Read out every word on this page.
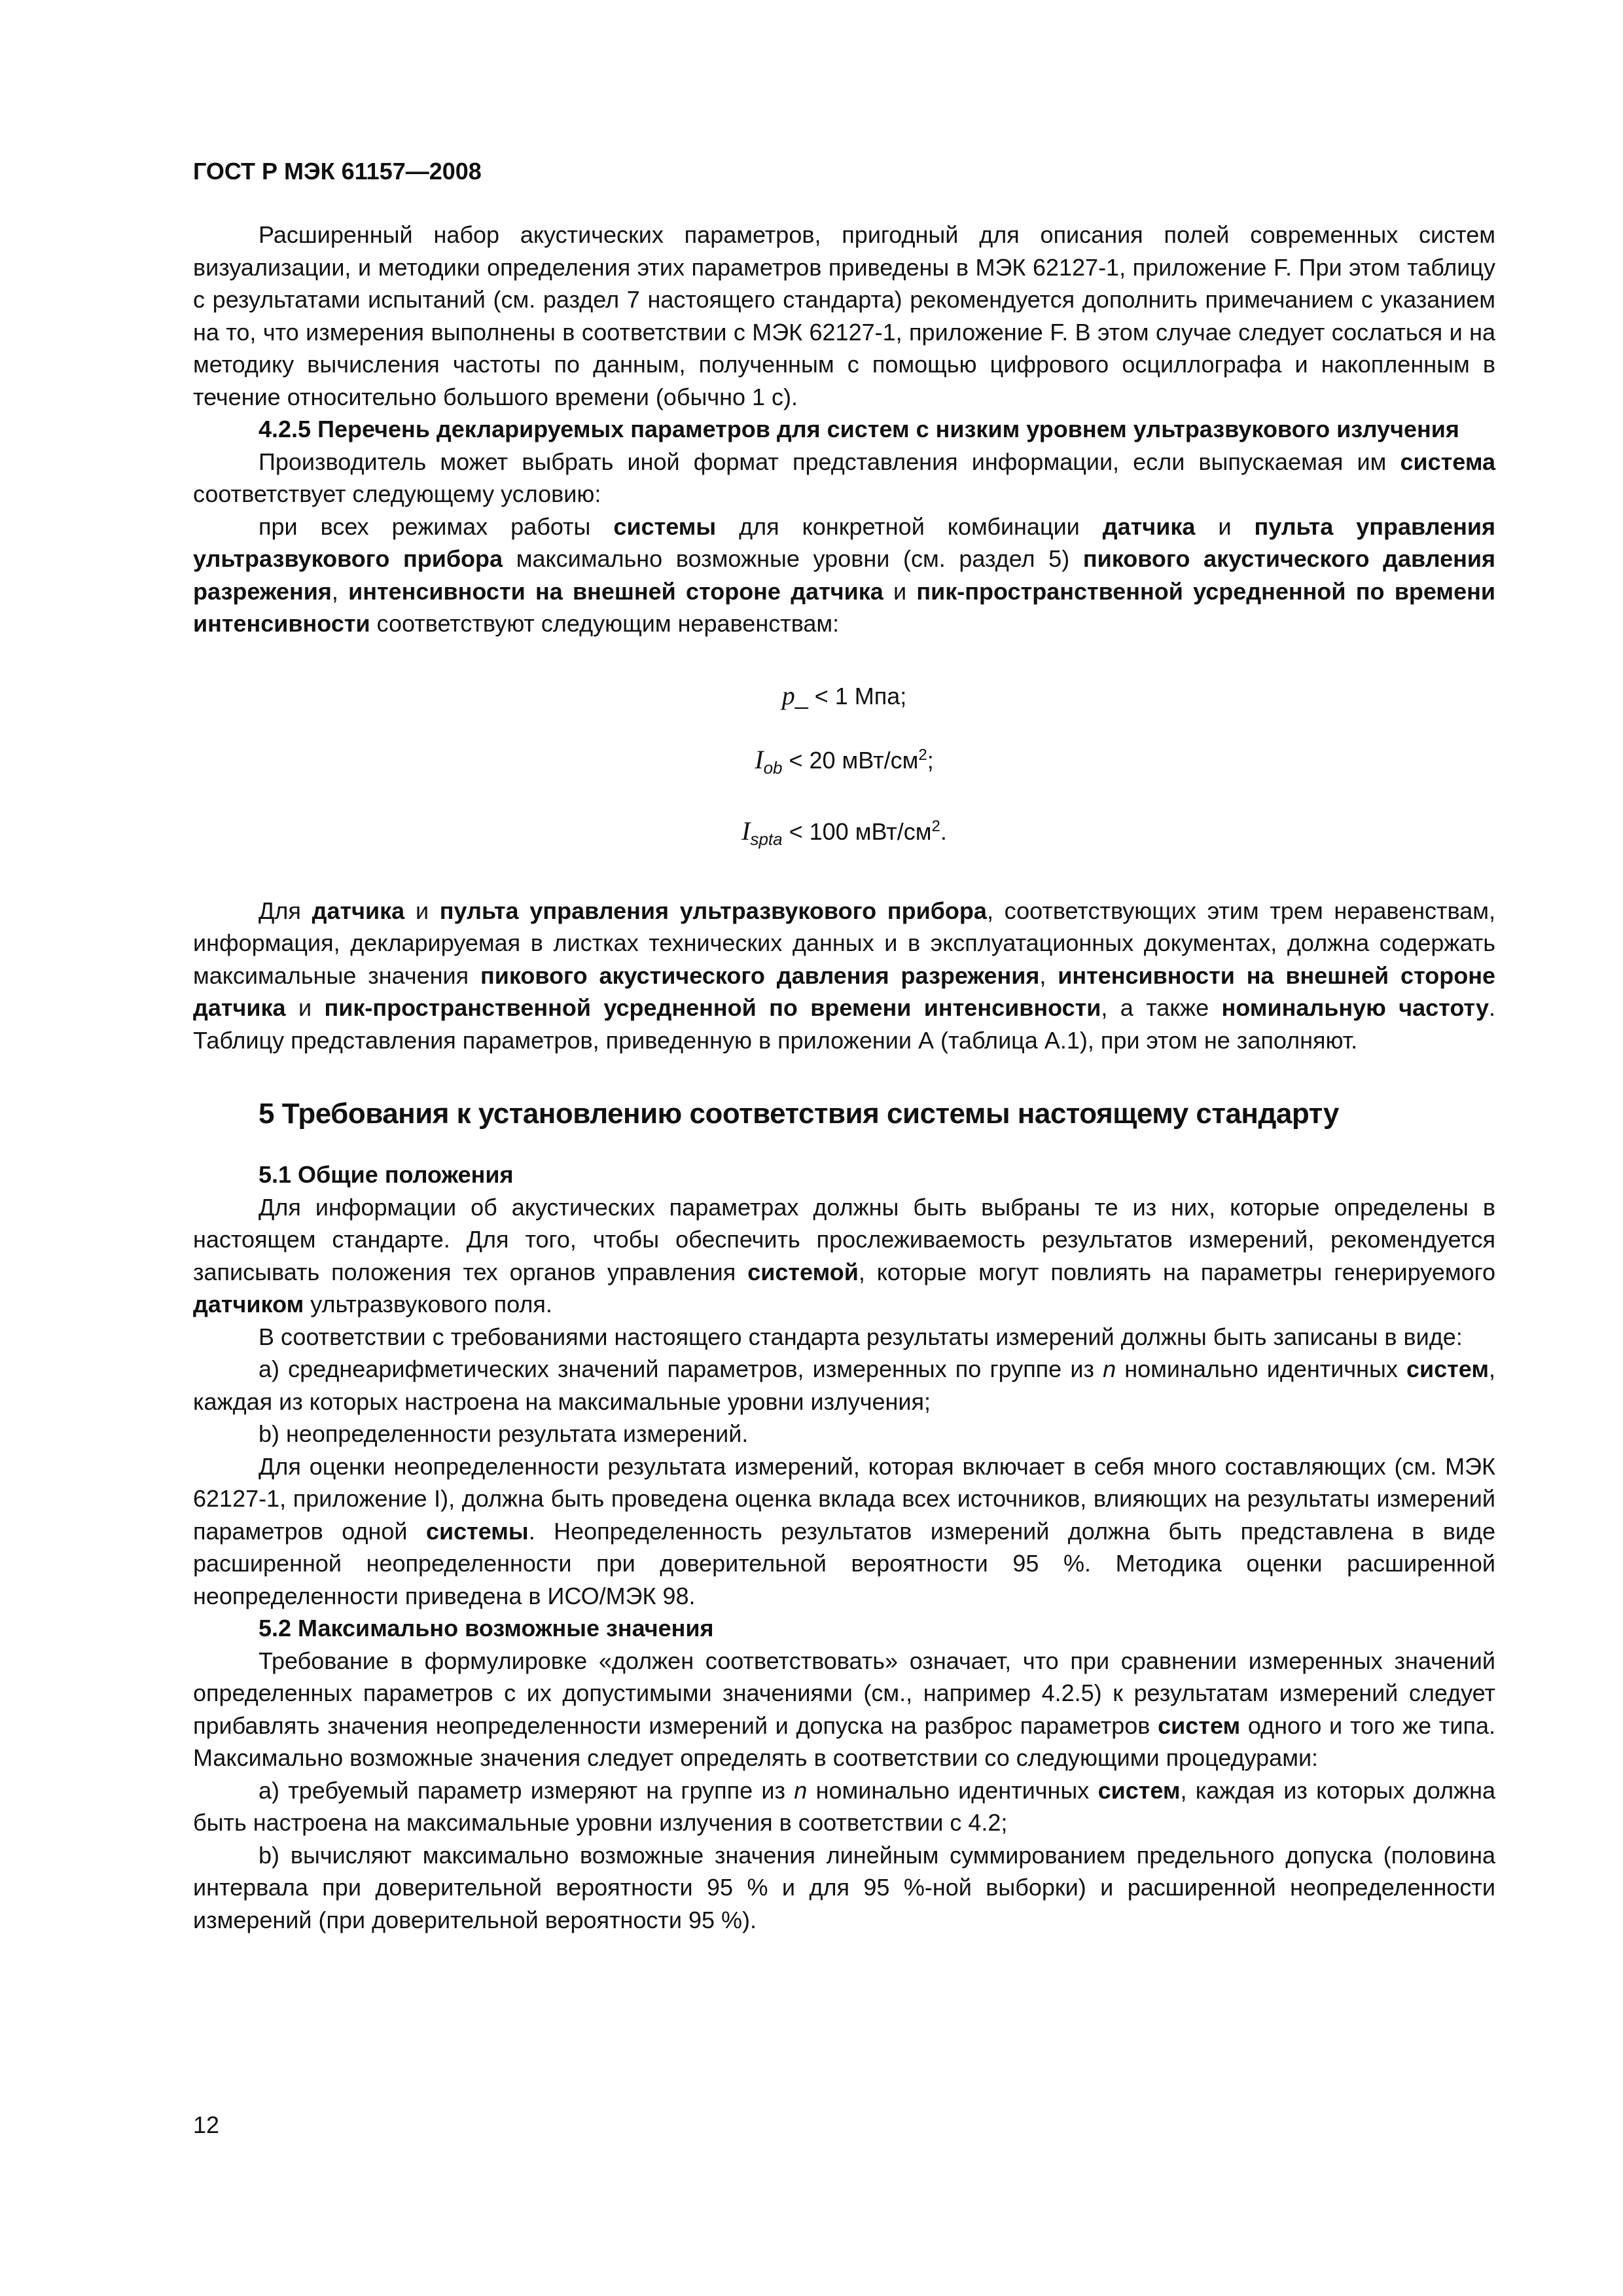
ГОСТ Р МЭК 61157—2008

Расширенный набор акустических параметров, пригодный для описания полей современных систем визуализации, и методики определения этих параметров приведены в МЭК 62127-1, приложение F. При этом таблицу с результатами испытаний (см. раздел 7 настоящего стандарта) рекомендуется дополнить примечанием с указанием на то, что измерения выполнены в соответствии с МЭК 62127-1, приложение F. В этом случае следует сослаться и на методику вычисления частоты по данным, полученным с помощью цифрового осциллографа и накопленным в течение относительно большого времени (обычно 1 с).

4.2.5 Перечень декларируемых параметров для систем с низким уровнем ультразвукового излучения

Производитель может выбрать иной формат представления информации, если выпускаемая им система соответствует следующему условию:

при всех режимах работы системы для конкретной комбинации датчика и пульта управления ультразвукового прибора максимально возможные уровни (см. раздел 5) пикового акустического давления разрежения, интенсивности на внешней стороне датчика и пик-пространственной усредненной по времени интенсивности соответствуют следующим неравенствам:

p_ < 1 Мпа;
$I_{ob} < 20$ мВт/$см^2$;
$I_{spta} < 100$ мВт/$см^2$.

Для датчика и пульта управления ультразвукового прибора, соответствующих этим трем неравенствам, информация, декларируемая в листках технических данных и в эксплуатационных документах, должна содержать максимальные значения пикового акустического давления разрежения, интенсивности на внешней стороне датчика и пик-пространственной усредненной по времени интенсивности, а также номинальную частоту. Таблицу представления параметров, приведенную в приложении А (таблица А.1), при этом не заполняют.

5 Требования к установлению соответствия системы настоящему стандарту
5.1 Общие положения

Для информации об акустических параметрах должны быть выбраны те из них, которые определены в настоящем стандарте. Для того, чтобы обеспечить прослеживаемость результатов измерений, рекомендуется записывать положения тех органов управления системой, которые могут повлиять на параметры генерируемого датчиком ультразвукового поля.

В соответствии с требованиями настоящего стандарта результаты измерений должны быть записаны в виде:

a) среднеарифметических значений параметров, измеренных по группе из n номинально идентичных систем, каждая из которых настроена на максимальные уровни излучения;

b) неопределенности результата измерений.

Для оценки неопределенности результата измерений, которая включает в себя много составляющих (см. МЭК 62127-1, приложение I), должна быть проведена оценка вклада всех источников, влияющих на результаты измерений параметров одной системы. Неопределенность результатов измерений должна быть представлена в виде расширенной неопределенности при доверительной вероятности 95 %. Методика оценки расширенной неопределенности приведена в ИСО/МЭК 98.

5.2 Максимально возможные значения

Требование в формулировке «должен соответствовать» означает, что при сравнении измеренных значений определенных параметров с их допустимыми значениями (см., например 4.2.5) к результатам измерений следует прибавлять значения неопределенности измерений и допуска на разброс параметров систем одного и того же типа. Максимально возможные значения следует определять в соответствии со следующими процедурами:

a) требуемый параметр измеряют на группе из n номинально идентичных систем, каждая из которых должна быть настроена на максимальные уровни излучения в соответствии с 4.2;

b) вычисляют максимально возможные значения линейным суммированием предельного допуска (половина интервала при доверительной вероятности 95 % и для 95 %-ной выборки) и расширенной неопределенности измерений (при доверительной вероятности 95 %).

12
